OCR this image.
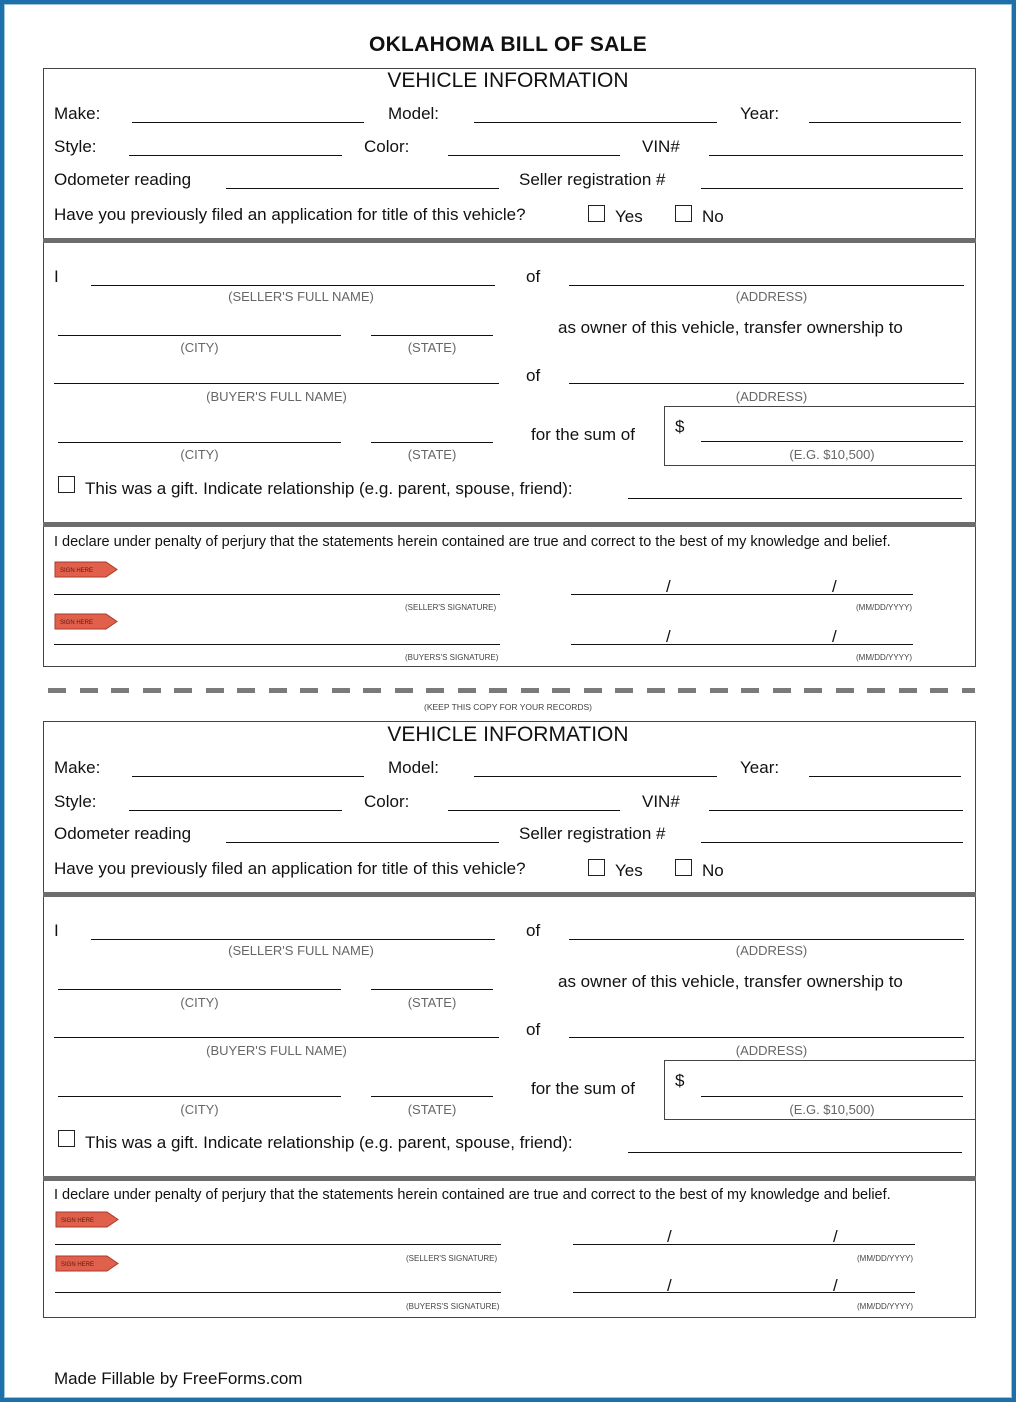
OKLAHOMA BILL OF SALE
VEHICLE INFORMATION
Make:	Model:	Year:
Style:	Color:	VIN#
Odometer reading	Seller registration #
Have you previously filed an application for title of this vehicle?	Yes	No
I
(SELLER'S FULL NAME)
of
(ADDRESS)
(CITY)	(STATE)
as owner of this vehicle, transfer ownership to
(BUYER'S FULL NAME)
of
(ADDRESS)
(CITY)	(STATE)
for the sum of $
(E.G. $10,500)
This was a gift. Indicate relationship (e.g. parent, spouse, friend):
I declare under penalty of perjury that the statements herein contained are true and correct to the best of my knowledge and belief.
SIGN HERE
(SELLER'S SIGNATURE)
/	/
(MM/DD/YYYY)
SIGN HERE
(BUYERS'S SIGNATURE)
/	/
(MM/DD/YYYY)
(KEEP THIS COPY FOR YOUR RECORDS)
VEHICLE INFORMATION
Make:	Model:	Year:
Style:	Color:	VIN#
Odometer reading	Seller registration #
Have you previously filed an application for title of this vehicle?	Yes	No
I
(SELLER'S FULL NAME)
of
(ADDRESS)
(CITY)	(STATE)
as owner of this vehicle, transfer ownership to
(BUYER'S FULL NAME)
of
(ADDRESS)
(CITY)	(STATE)
for the sum of $
(E.G. $10,500)
This was a gift. Indicate relationship (e.g. parent, spouse, friend):
I declare under penalty of perjury that the statements herein contained are true and correct to the best of my knowledge and belief.
SIGN HERE
(SELLER'S SIGNATURE)
/	/
(MM/DD/YYYY)
SIGN HERE
(BUYERS'S SIGNATURE)
/	/
(MM/DD/YYYY)
Made Fillable by FreeForms.com
